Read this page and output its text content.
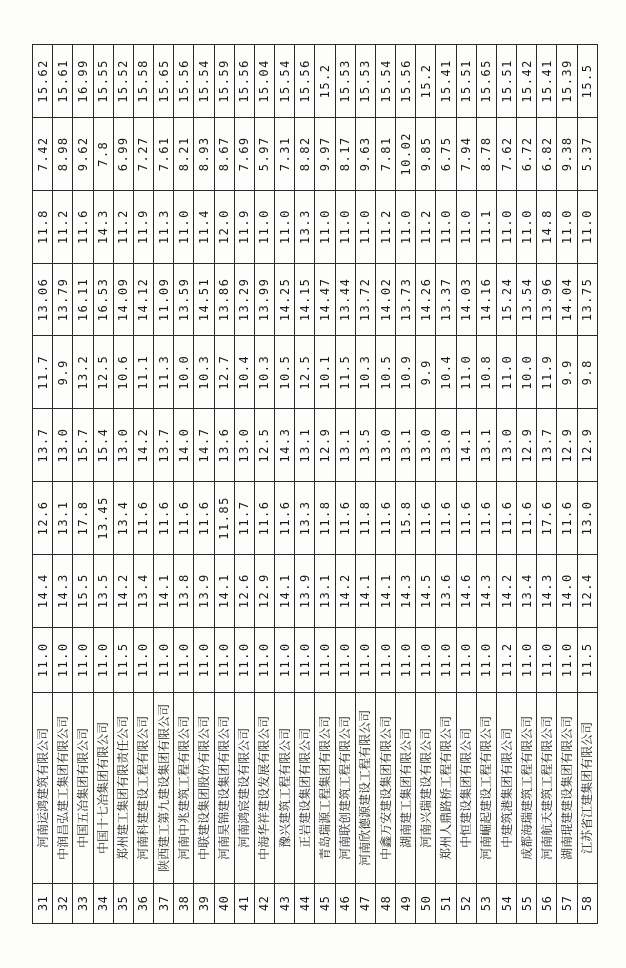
31	河南运鸿建筑有限公司	11.0	14.4	12.6	13.7	11.7	13.06	11.8	7.42	15.62
32	中润昌弘建工集团有限公司	11.0	14.3	13.1	13.0	9.9	13.79	11.2	8.98	15.61
33	中国五冶集团有限公司	11.0	15.5	17.8	15.7	13.2	16.11	11.6	9.62	16.99
34	中国十七冶集团有限公司	11.0	13.5	13.45	15.4	12.5	16.53	14.3	7.8	15.55
35	郑州建工集团有限责任公司	11.5	14.2	13.4	13.0	10.6	14.09	11.2	6.99	15.52
36	河南科建建设工程有限公司	11.0	13.4	11.6	14.2	11.1	14.12	11.9	7.27	15.58
37	陕西建工第九建设集团有限公司	11.0	14.1	11.6	13.7	11.3	11.09	11.3	7.61	15.65
38	河南中兆建筑工程有限公司	11.0	13.8	11.6	14.0	10.0	13.59	11.0	8.21	15.56
39	中联建设集团股份有限公司	11.0	13.9	11.6	14.7	10.3	14.51	11.4	8.93	15.54
40	河南昊锦建设集团有限公司	11.0	14.1	11.85	13.6	12.7	13.86	12.0	8.67	15.59
41	河南鸿宸建设有限公司	11.0	12.6	11.7	13.0	10.4	13.29	11.9	7.69	15.56
42	中海华祥建设发展有限公司	11.0	12.9	11.6	12.5	10.3	13.99	11.0	5.97	15.04
43	豫兴建筑工程有限公司	11.0	14.1	11.6	14.3	10.5	14.25	11.0	7.31	15.54
44	正岩建设集团有限公司	11.0	13.9	13.3	13.1	12.5	14.15	13.3	8.82	15.56
45	青岛瑞源工程集团有限公司	11.0	13.1	11.8	12.9	10.1	14.47	11.0	9.97	15.2
46	河南联创建筑工程有限公司	11.0	14.2	11.6	13.1	11.5	13.44	11.0	8.17	15.53
47	河南欣德源建设工程有限公司	11.0	14.1	11.8	13.5	10.3	13.72	11.0	9.63	15.53
48	中鑫万安建设集团有限公司	11.0	14.1	11.6	13.0	10.5	14.02	11.2	7.81	15.54
49	湖南建工集团有限公司	11.0	14.3	15.8	13.1	10.9	13.73	11.0	10.02	15.56
50	河南兴瑞建设有限公司	11.0	14.5	11.6	13.0	9.9	14.26	11.2	9.85	15.2
51	郑州人鼎路桥工程有限公司	11.0	13.6	11.6	13.0	10.4	13.37	11.0	6.75	15.41
52	中恒建设集团有限公司	11.0	14.6	11.6	14.1	11.0	14.03	11.0	7.94	15.51
53	河南崛起建设工程有限公司	11.0	14.3	11.6	13.1	10.8	14.16	11.1	8.78	15.65
54	中建筑港集团有限公司	11.2	14.2	11.6	13.0	11.0	15.24	11.0	7.62	15.51
55	成都海瑞建筑工程有限公司	11.0	13.4	11.6	12.9	10.0	13.54	11.0	6.72	15.42
56	河南航天建筑工程有限公司	11.0	14.3	17.6	13.7	11.9	13.96	14.8	6.82	15.41
57	湖南琨建建设集团有限公司	11.0	14.0	11.6	12.9	9.9	14.04	11.0	9.38	15.39
58	江苏省江建集团有限公司	11.5	12.4	13.0	12.9	9.8	13.75	11.0	5.37	15.5
